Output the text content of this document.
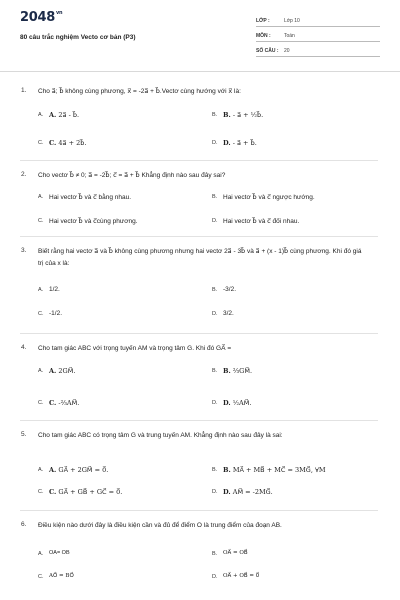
$2048^{vn}$
80 câu trắc nghiệm Vecto cơ bản (P3)
LỚP :	Lớp 10
MÔN :	Toán
SỐ CÂU :	20
1. Cho a⃗; b⃗ không cùng phương, x⃗ = -2a⃗ + b⃗.Vectơ cùng hướng với x⃗ là:
A. A. 2a⃗ - b⃗.	B. B. - a⃗ + ½b⃗.
C. C. 4a⃗ + 2b⃗.	D. D. - a⃗ + b⃗.
2. Cho vectơ b⃗ ≠ 0; a⃗ = -2b⃗; c⃗ = a⃗ + b⃗ Khẳng định nào sau đây sai?
A. Hai vectơ b⃗ và c⃗ bằng nhau.	B. Hai vectơ b⃗ và c⃗ ngược hướng.
C. Hai vectơ b⃗ và c⃗cùng phương.	D. Hai vectơ b⃗ và c⃗ đối nhau.
3. Biết rằng hai vectơ a⃗ và b⃗ không cùng phương nhưng hai vectơ 2a⃗ - 3b⃗ và a⃗ + (x - 1)b⃗ cùng phương. Khi đó giá trị của x là:
A. 1/2.	B. -3/2.
C. -1/2.	D. 3/2.
4. Cho tam giác ABC với trọng tuyến AM và trọng tâm G. Khi đó GA⃗ =
A. A. 2GM⃗.	B. B. ⅔GM⃗.
C. C. -⅔AM⃗.	D. D. ½AM⃗.
5. Cho tam giác ABC có trọng tâm G và trung tuyến AM. Khẳng định nào sau đây là sai:
A. A. GA⃗ + 2GM⃗ = 0⃗.	B. B. MA⃗ + MB⃗ + MC⃗ = 3MG⃗, ∀M
C. C. GA⃗ + GB⃗ + GC⃗ = 0⃗.	D. D. AM⃗ = -2MG⃗.
6. Điều kiện nào dưới đây là điều kiện cần và đủ để điểm O là trung điểm của đoạn AB.
A. OA= OB	B. OA⃗ = OB⃗
C. AO⃗ = BO⃗	D. OA⃗ + OB⃗ = 0⃗
